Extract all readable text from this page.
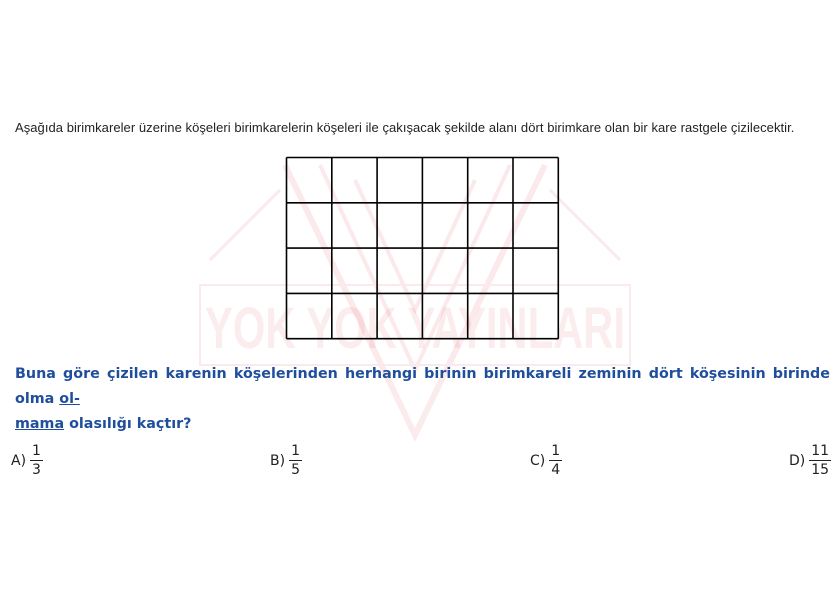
YOK YOK YAYINLARI
Aşağıda birimkareler üzerine köşeleri birimkarelerin köşeleri ile çakışacak şekilde alanı dört birimkare olan bir kare rastgele çizilecektir.
Buna göre çizilen karenin köşelerinden herhangi birinin birimkareli zeminin dört köşesinin birinde olma ol-
mama olasılığı kaçtır?
$A) \frac{1}{3}$	$B) \frac{1}{5}$	$C) \frac{1}{4}$	$D) \frac{11}{15}$
